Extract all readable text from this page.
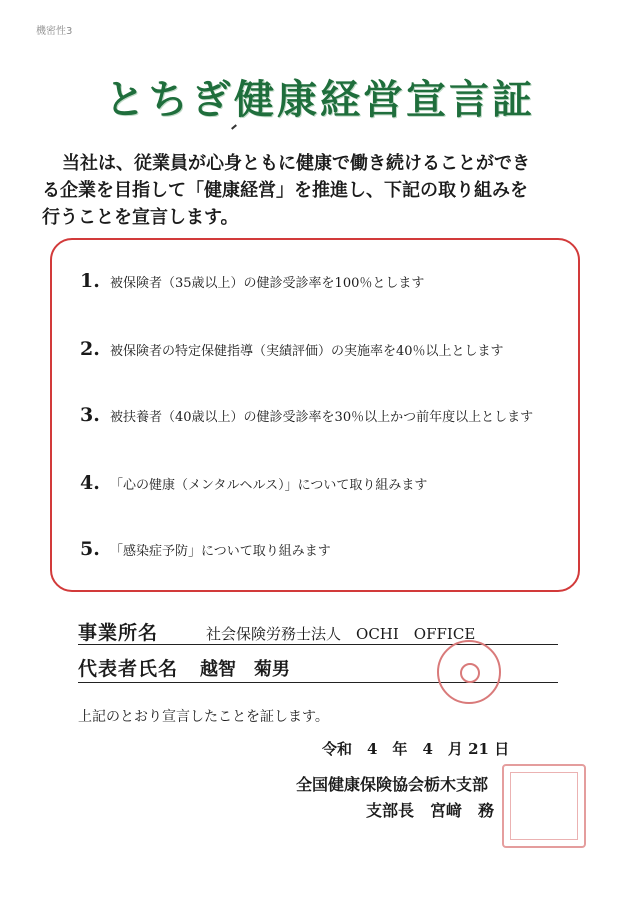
機密性3
とちぎ健康経営宣言証
当社は、従業員が心身ともに健康で働き続けることができ
る企業を目指して「健康経営」を推進し、下記の取り組みを
行うことを宣言します。
1. 被保険者（35歳以上）の健診受診率を100％とします
2. 被保険者の特定保健指導（実績評価）の実施率を40％以上とします
3. 被扶養者（40歳以上）の健診受診率を30％以上かつ前年度以上とします
4. 「心の健康（メンタルヘルス）」について取り組みます
5. 「感染症予防」について取り組みます
事業所名	社会保険労務士法人　OCHI　OFFICE
代表者氏名 越智　菊男
上記のとおり宣言したことを証します。
令和　4　年　4　月 21 日
全国健康保険協会栃木支部
支部長　宮﨑　務
